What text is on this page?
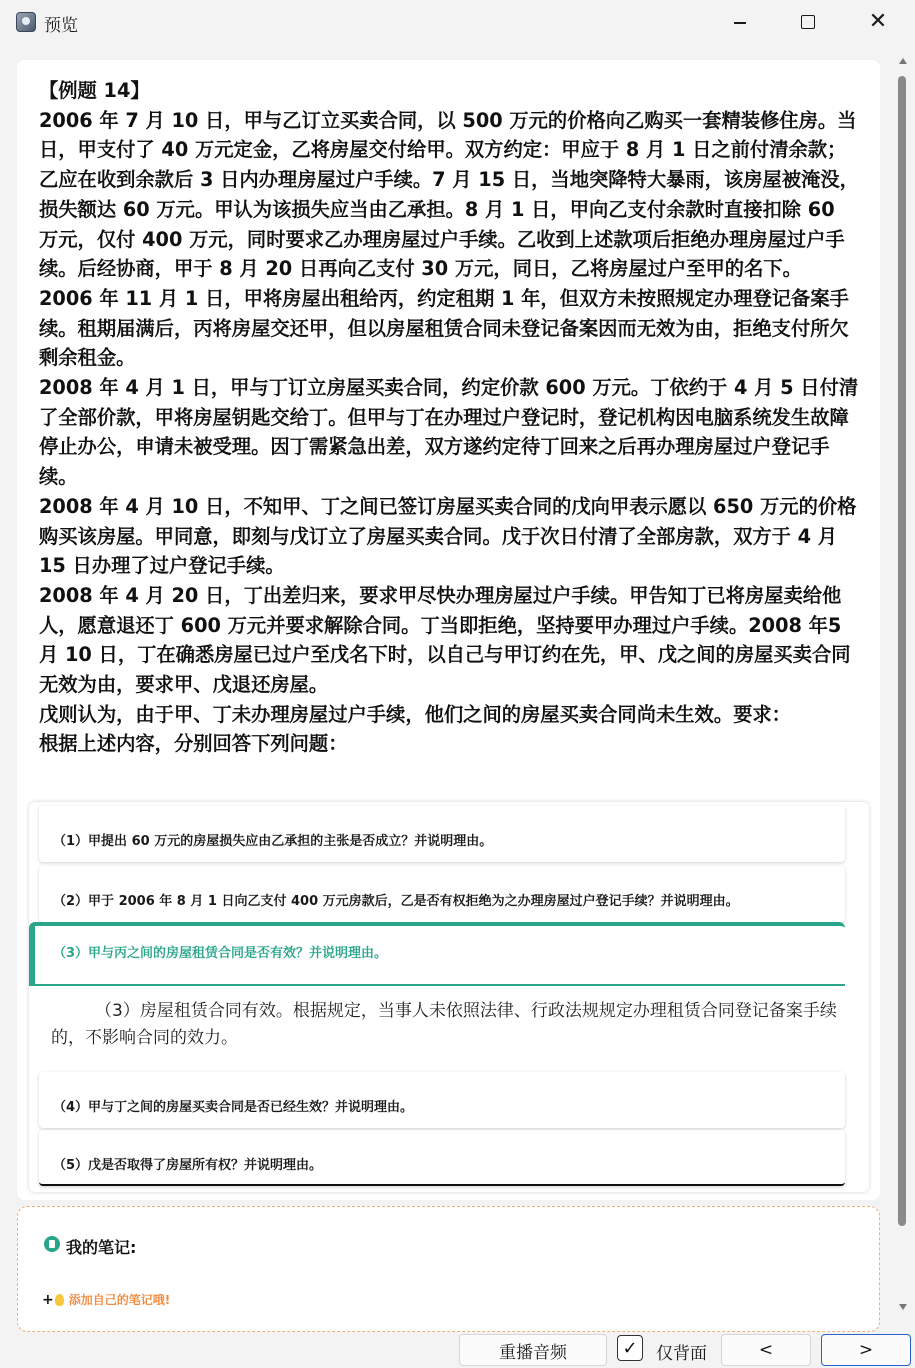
预览	✕

【例题 14】

2006 年 7 月 10 日，甲与乙订立买卖合同，以 500 万元的价格向乙购买一套精装修住房。当日，甲支付了 40 万元定金，乙将房屋交付给甲。双方约定：甲应于 8 月 1 日之前付清余款；乙应在收到余款后 3 日内办理房屋过户手续。7 月 15 日，当地突降特大暴雨，该房屋被淹没，损失额达 60 万元。甲认为该损失应当由乙承担。8 月 1 日，甲向乙支付余款时直接扣除 60 万元，仅付 400 万元，同时要求乙办理房屋过户手续。乙收到上述款项后拒绝办理房屋过户手续。后经协商，甲于 8 月 20 日再向乙支付 30 万元，同日，乙将房屋过户至甲的名下。

2006 年 11 月 1 日，甲将房屋出租给丙，约定租期 1 年，但双方未按照规定办理登记备案手续。租期届满后，丙将房屋交还甲，但以房屋租赁合同未登记备案因而无效为由，拒绝支付所欠剩余租金。

2008 年 4 月 1 日，甲与丁订立房屋买卖合同，约定价款 600 万元。丁依约于 4 月 5 日付清了全部价款，甲将房屋钥匙交给丁。但甲与丁在办理过户登记时，登记机构因电脑系统发生故障停止办公，申请未被受理。因丁需紧急出差，双方遂约定待丁回来之后再办理房屋过户登记手续。

2008 年 4 月 10 日，不知甲、丁之间已签订房屋买卖合同的戊向甲表示愿以 650 万元的价格购买该房屋。甲同意，即刻与戊订立了房屋买卖合同。戊于次日付清了全部房款，双方于 4 月 15 日办理了过户登记手续。

2008 年 4 月 20 日，丁出差归来，要求甲尽快办理房屋过户手续。甲告知丁已将房屋卖给他人，愿意退还丁 600 万元并要求解除合同。丁当即拒绝，坚持要甲办理过户手续。2008 年5 月 10 日，丁在确悉房屋已过户至戊名下时，以自己与甲订约在先，甲、戊之间的房屋买卖合同无效为由，要求甲、戊退还房屋。

戊则认为，由于甲、丁未办理房屋过户手续，他们之间的房屋买卖合同尚未生效。要求：

根据上述内容，分别回答下列问题：

（1）甲提出 60 万元的房屋损失应由乙承担的主张是否成立？并说明理由。
（2）甲于 2006 年 8 月 1 日向乙支付 400 万元房款后，乙是否有权拒绝为之办理房屋过户登记手续？并说明理由。
（3）甲与丙之间的房屋租赁合同是否有效？并说明理由。
（3）房屋租赁合同有效。根据规定，当事人未依照法律、行政法规规定办理租赁合同登记备案手续的，不影响合同的效力。
（4）甲与丁之间的房屋买卖合同是否已经生效？并说明理由。
（5）戊是否取得了房屋所有权？并说明理由。
我的笔记:
+ 添加自己的笔记哦!
重播音频	✓ 仅背面	<	>
